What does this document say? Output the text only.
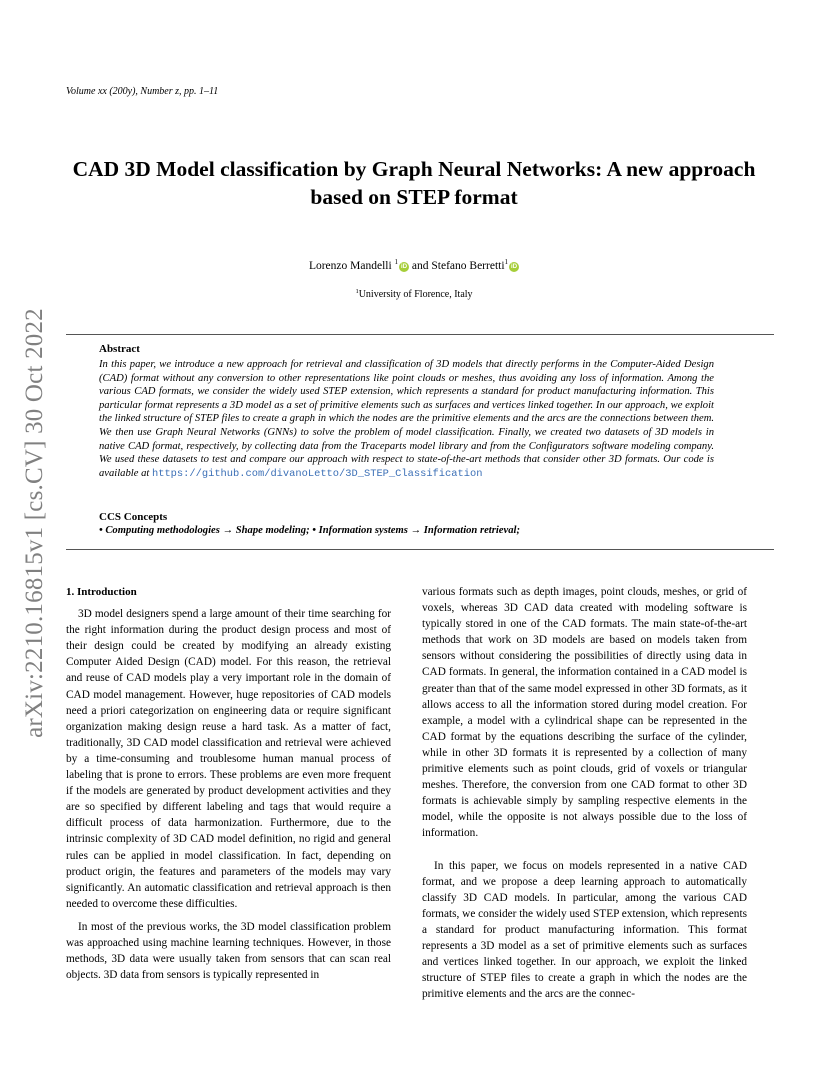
Volume xx (200y), Number z, pp. 1–11
CAD 3D Model classification by Graph Neural Networks: A new approach based on STEP format
Lorenzo Mandelli $^1$iD and Stefano Berretti$^1$iD
$^1$University of Florence, Italy
Abstract

In this paper, we introduce a new approach for retrieval and classification of 3D models that directly performs in the Computer-Aided Design (CAD) format without any conversion to other representations like point clouds or meshes, thus avoiding any loss of information. Among the various CAD formats, we consider the widely used STEP extension, which represents a standard for product manufacturing information. This particular format represents a 3D model as a set of primitive elements such as surfaces and vertices linked together. In our approach, we exploit the linked structure of STEP files to create a graph in which the nodes are the primitive elements and the arcs are the connections between them. We then use Graph Neural Networks (GNNs) to solve the problem of model classification. Finally, we created two datasets of 3D models in native CAD format, respectively, by collecting data from the Traceparts model library and from the Configurators software modeling company. We used these datasets to test and compare our approach with respect to state-of-the-art methods that consider other 3D formats. Our code is available at https://github.com/divanoLetto/3D_STEP_Classification

CCS Concepts
• Computing methodologies → Shape modeling; • Information systems → Information retrieval;
arXiv:2210.16815v1 [cs.CV] 30 Oct 2022 1. Introduction

3D model designers spend a large amount of their time searching for the right information during the product design process and most of their design could be created by modifying an already existing Computer Aided Design (CAD) model. For this reason, the retrieval and reuse of CAD models play a very important role in the domain of CAD model management. However, huge repositories of CAD models need a priori categorization on engineering data or require significant organization making design reuse a hard task. As a matter of fact, traditionally, 3D CAD model classification and retrieval were achieved by a time-consuming and troublesome human manual process of labeling that is prone to errors. These problems are even more frequent if the models are generated by product development activities and they are so specified by different labeling and tags that would require a difficult process of data harmonization. Furthermore, due to the intrinsic complexity of 3D CAD model definition, no rigid and general rules can be applied in model classification. In fact, depending on product origin, the features and parameters of the models may vary significantly. An automatic classification and retrieval approach is then needed to overcome these difficulties.

In most of the previous works, the 3D model classification problem was approached using machine learning techniques. However, in those methods, 3D data were usually taken from sensors that can scan real objects. 3D data from sensors is typically represented in

various formats such as depth images, point clouds, meshes, or grid of voxels, whereas 3D CAD data created with modeling software is typically stored in one of the CAD formats. The main state-of-the-art methods that work on 3D models are based on models taken from sensors without considering the possibilities of directly using data in CAD formats. In general, the information contained in a CAD model is greater than that of the same model expressed in other 3D formats, as it allows access to all the information stored during model creation. For example, a model with a cylindrical shape can be represented in the CAD format by the equations describing the surface of the cylinder, while in other 3D formats it is represented by a collection of many primitive elements such as point clouds, grid of voxels or triangular meshes. Therefore, the conversion from one CAD format to other 3D formats is achievable simply by sampling respective elements in the model, while the opposite is not always possible due to the loss of information.

In this paper, we focus on models represented in a native CAD format, and we propose a deep learning approach to automatically classify 3D CAD models. In particular, among the various CAD formats, we consider the widely used STEP extension, which represents a standard for product manufacturing information. This format represents a 3D model as a set of primitive elements such as surfaces and vertices linked together. In our approach, we exploit the linked structure of STEP files to create a graph in which the nodes are the primitive elements and the arcs are the connec-
